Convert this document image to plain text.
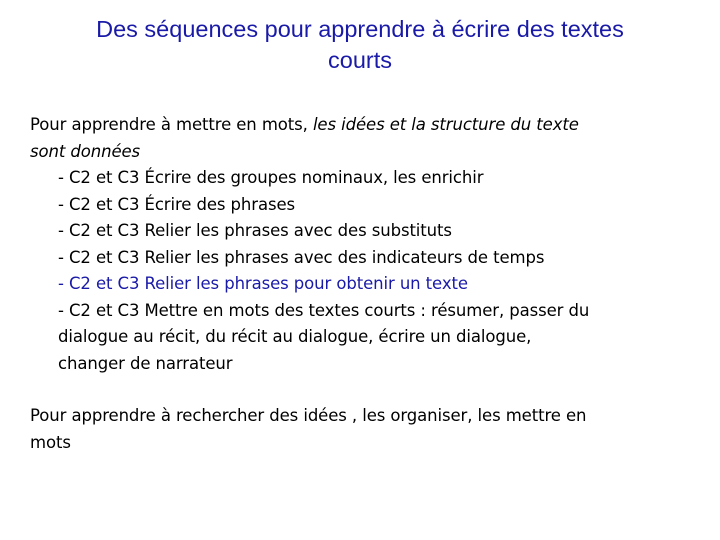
Des séquences pour apprendre à écrire des textes
courts
Pour apprendre à mettre en mots, les idées et la structure du texte
sont données
- C2 et C3 Écrire des groupes nominaux, les enrichir
- C2 et C3 Écrire des phrases
- C2 et C3 Relier les phrases avec des substituts
- C2 et C3 Relier les phrases avec des indicateurs de temps
- C2 et C3 Relier les phrases pour obtenir un texte
- C2 et C3 Mettre en mots des textes courts : résumer, passer du
dialogue au récit, du récit au dialogue, écrire un dialogue,
changer de narrateur
Pour apprendre à rechercher des idées , les organiser, les mettre en
mots
